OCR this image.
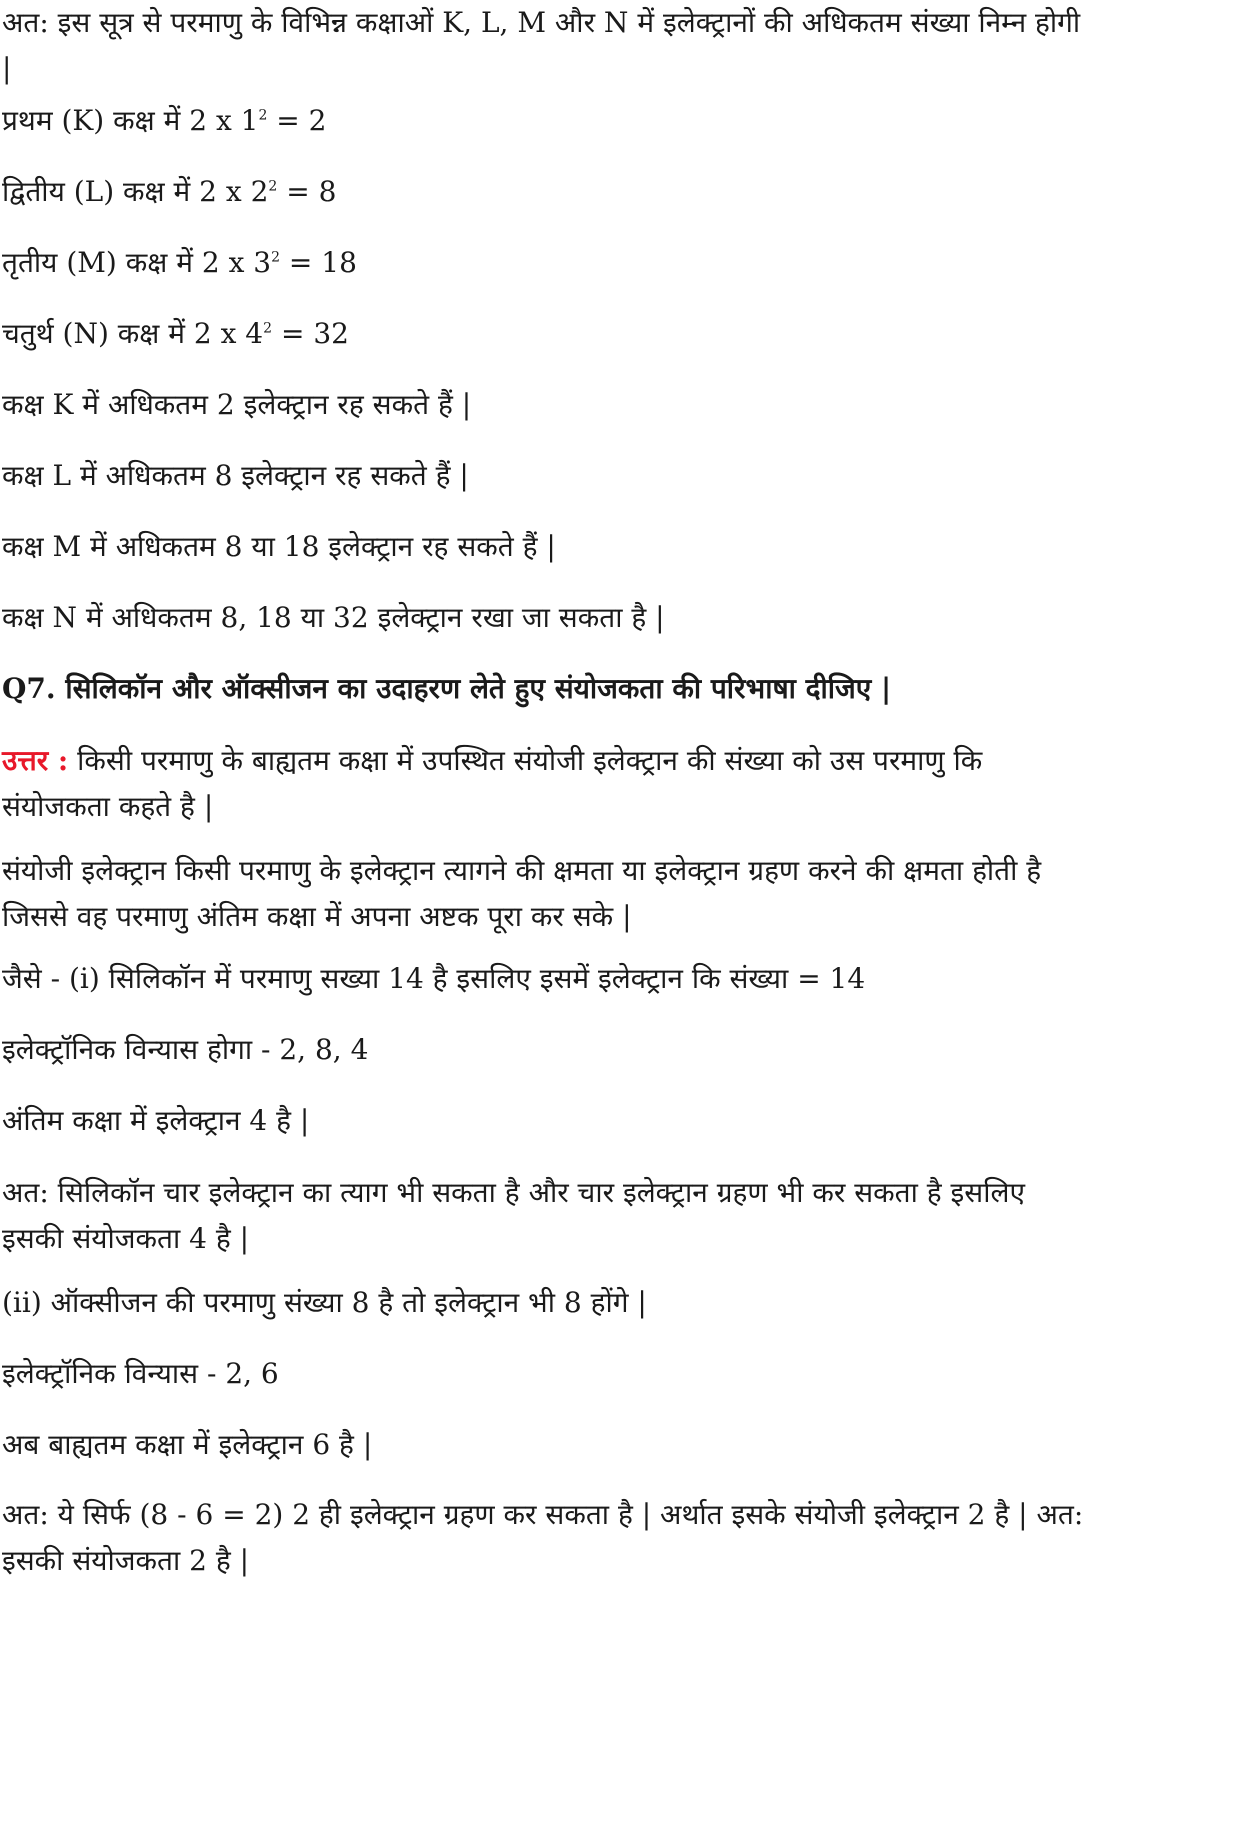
अत: इस सूत्र से परमाणु के विभिन्न कक्षाओं K, L, M और N में इलेक्ट्रानों की अधिकतम संख्या निम्न होगी
|

प्रथम (K) कक्ष में 2 x $1^2 = 2$

द्वितीय (L) कक्ष में 2 x $2^2 = 8$

तृतीय (M) कक्ष में 2 x $3^2 = 18$

चतुर्थ (N) कक्ष में 2 x $4^2 = 32$

कक्ष K में अधिकतम 2 इलेक्ट्रान रह सकते हैं |

कक्ष L में अधिकतम 8 इलेक्ट्रान रह सकते हैं |

कक्ष M में अधिकतम 8 या 18 इलेक्ट्रान रह सकते हैं |

कक्ष N में अधिकतम 8, 18 या 32 इलेक्ट्रान रखा जा सकता है |

Q7. सिलिकॉन और ऑक्सीजन का उदाहरण लेते हुए संयोजकता की परिभाषा दीजिए |

उत्तर : किसी परमाणु के बाह्यतम कक्षा में उपस्थित संयोजी इलेक्ट्रान की संख्या को उस परमाणु कि
संयोजकता कहते है |

संयोजी इलेक्ट्रान किसी परमाणु के इलेक्ट्रान त्यागने की क्षमता या इलेक्ट्रान ग्रहण करने की क्षमता होती है
जिससे वह परमाणु अंतिम कक्षा में अपना अष्टक पूरा कर सके |

जैसे - (i) सिलिकॉन में परमाणु सख्या 14 है इसलिए इसमें इलेक्ट्रान कि संख्या = 14

इलेक्ट्रॉनिक विन्यास होगा - 2, 8, 4

अंतिम कक्षा में इलेक्ट्रान 4 है |

अत: सिलिकॉन चार इलेक्ट्रान का त्याग भी सकता है और चार इलेक्ट्रान ग्रहण भी कर सकता है इसलिए
इसकी संयोजकता 4 है |

(ii) ऑक्सीजन की परमाणु संख्या 8 है तो इलेक्ट्रान भी 8 होंगे |

इलेक्ट्रॉनिक विन्यास - 2, 6

अब बाह्यतम कक्षा में इलेक्ट्रान 6 है |

अत: ये सिर्फ (8 - 6 = 2) 2 ही इलेक्ट्रान ग्रहण कर सकता है | अर्थात इसके संयोजी इलेक्ट्रान 2 है | अत:
इसकी संयोजकता 2 है |
